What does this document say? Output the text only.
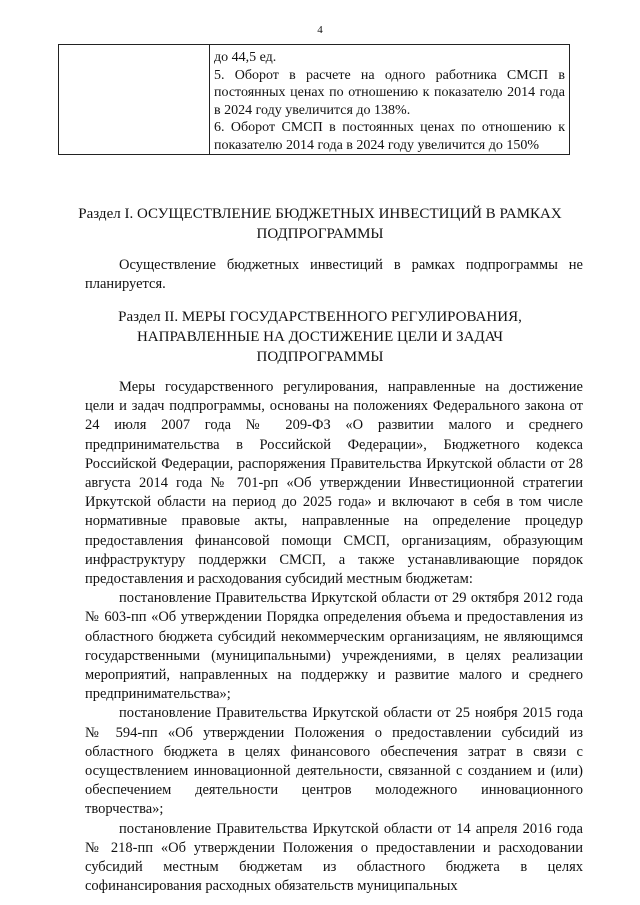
4

до 44,5 ед.

5. Оборот в расчете на одного работника СМСП в постоянных ценах по отношению к показателю 2014 года в 2024 году увеличится до 138%.

6. Оборот СМСП в постоянных ценах по отношению к показателю 2014 года в 2024 году увеличится до 150%

Раздел I. ОСУЩЕСТВЛЕНИЕ БЮДЖЕТНЫХ ИНВЕСТИЦИЙ В РАМКАХ ПОДПРОГРАММЫ

Осуществление бюджетных инвестиций в рамках подпрограммы не планируется.

Раздел II. МЕРЫ ГОСУДАРСТВЕННОГО РЕГУЛИРОВАНИЯ, НАПРАВЛЕННЫЕ НА ДОСТИЖЕНИЕ ЦЕЛИ И ЗАДАЧ ПОДПРОГРАММЫ

Меры государственного регулирования, направленные на достижение цели и задач подпрограммы, основаны на положениях Федерального закона от 24 июля 2007 года № 209-ФЗ «О развитии малого и среднего предпринимательства в Российской Федерации», Бюджетного кодекса Российской Федерации, распоряжения Правительства Иркутской области от 28 августа 2014 года № 701-рп «Об утверждении Инвестиционной стратегии Иркутской области на период до 2025 года» и включают в себя в том числе нормативные правовые акты, направленные на определение процедур предоставления финансовой помощи СМСП, организациям, образующим инфраструктуру поддержки СМСП, а также устанавливающие порядок предоставления и расходования субсидий местным бюджетам:

постановление Правительства Иркутской области от 29 октября 2012 года № 603-пп «Об утверждении Порядка определения объема и предоставления из областного бюджета субсидий некоммерческим организациям, не являющимся государственными (муниципальными) учреждениями, в целях реализации мероприятий, направленных на поддержку и развитие малого и среднего предпринимательства»;

постановление Правительства Иркутской области от 25 ноября 2015 года № 594-пп «Об утверждении Положения о предоставлении субсидий из областного бюджета в целях финансового обеспечения затрат в связи с осуществлением инновационной деятельности, связанной с созданием и (или) обеспечением деятельности центров молодежного инновационного творчества»;

постановление Правительства Иркутской области от 14 апреля 2016 года № 218-пп «Об утверждении Положения о предоставлении и расходовании субсидий местным бюджетам из областного бюджета в целях софинансирования расходных обязательств муниципальных
